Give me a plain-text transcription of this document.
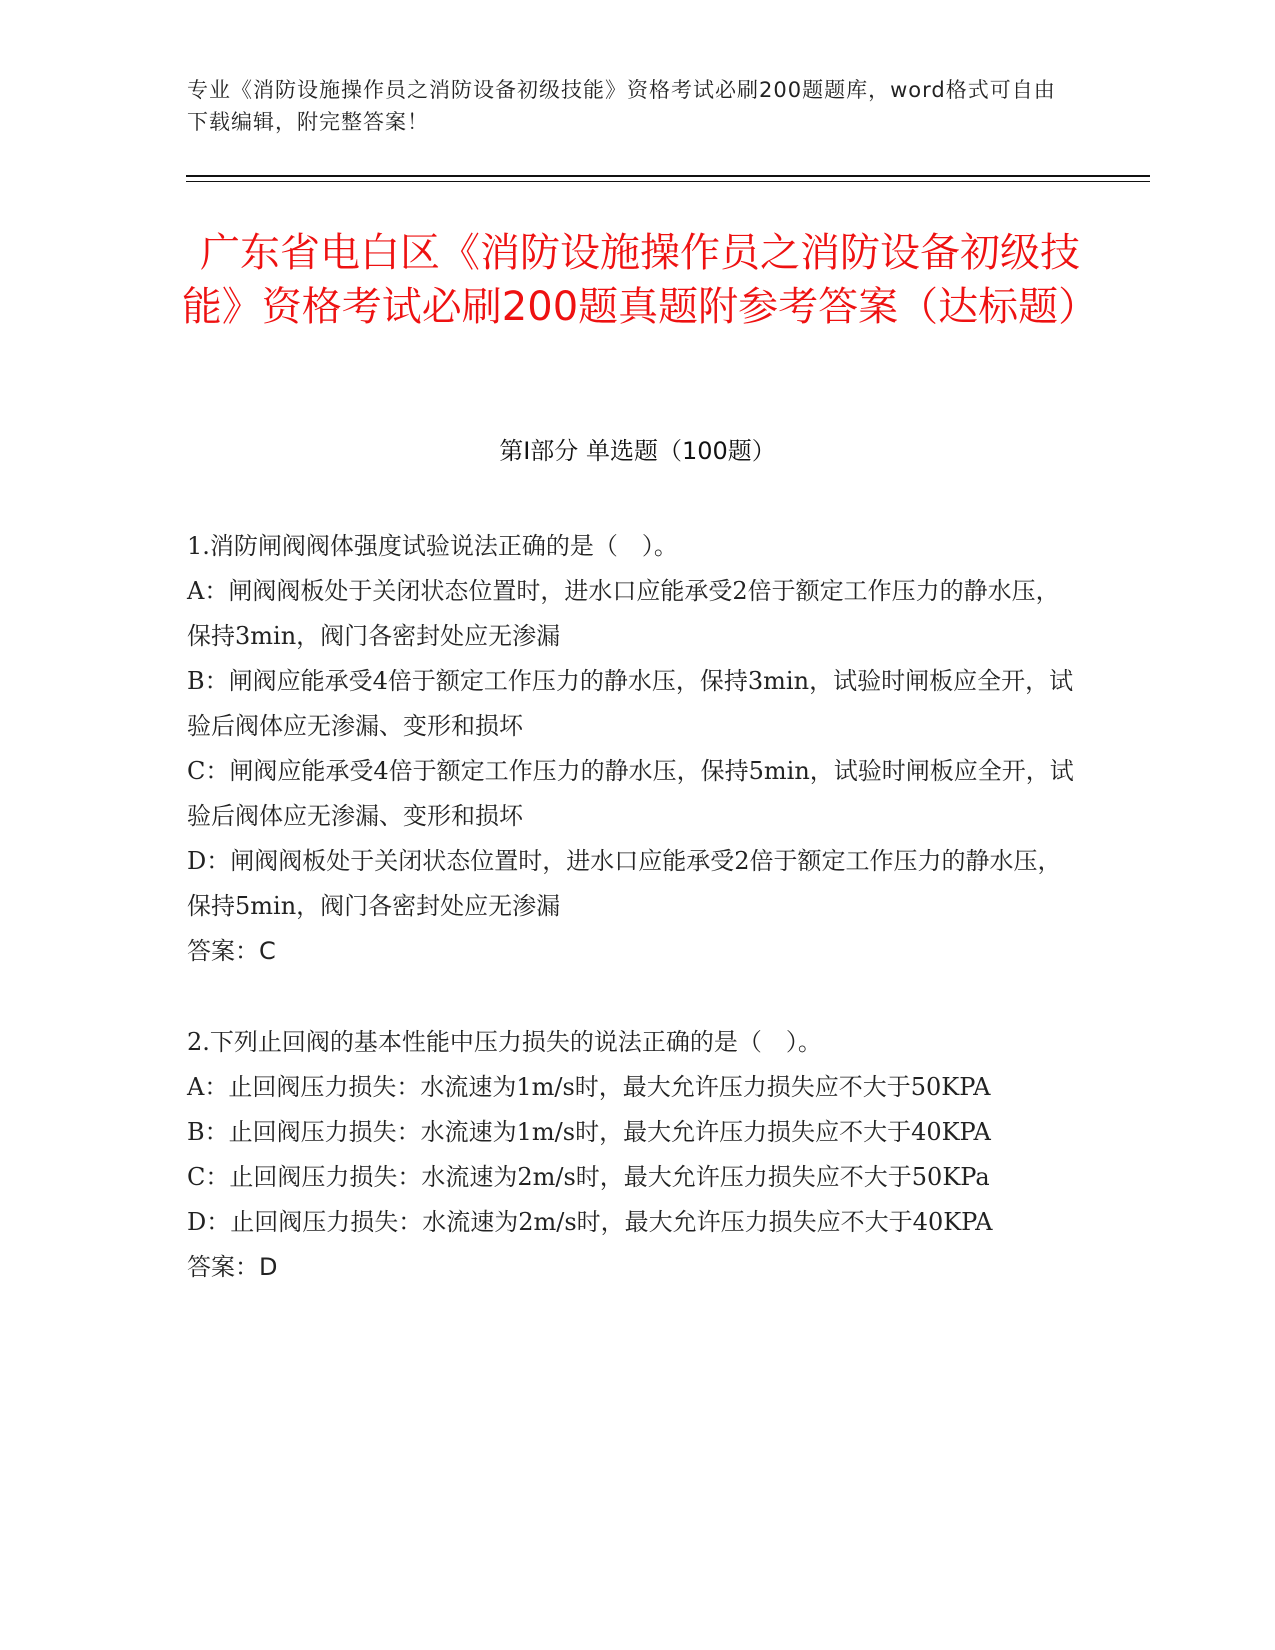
专业《消防设施操作员之消防设备初级技能》资格考试必刷200题题库，word格式可自由下载编辑，附完整答案！
广东省电白区《消防设施操作员之消防设备初级技能》资格考试必刷200题真题附参考答案（达标题）
第Ⅰ部分 单选题（100题）
1.消防闸阀阀体强度试验说法正确的是（　）。
A：闸阀阀板处于关闭状态位置时，进水口应能承受2倍于额定工作压力的静水压，保持3min，阀门各密封处应无渗漏
B：闸阀应能承受4倍于额定工作压力的静水压，保持3min，试验时闸板应全开，试验后阀体应无渗漏、变形和损坏
C：闸阀应能承受4倍于额定工作压力的静水压，保持5min，试验时闸板应全开，试验后阀体应无渗漏、变形和损坏
D：闸阀阀板处于关闭状态位置时，进水口应能承受2倍于额定工作压力的静水压，保持5min，阀门各密封处应无渗漏
答案：C
2.下列止回阀的基本性能中压力损失的说法正确的是（　）。
A：止回阀压力损失：水流速为1m/s时，最大允许压力损失应不大于50KPA
B：止回阀压力损失：水流速为1m/s时，最大允许压力损失应不大于40KPA
C：止回阀压力损失：水流速为2m/s时，最大允许压力损失应不大于50KPa
D：止回阀压力损失：水流速为2m/s时，最大允许压力损失应不大于40KPA
答案：D
